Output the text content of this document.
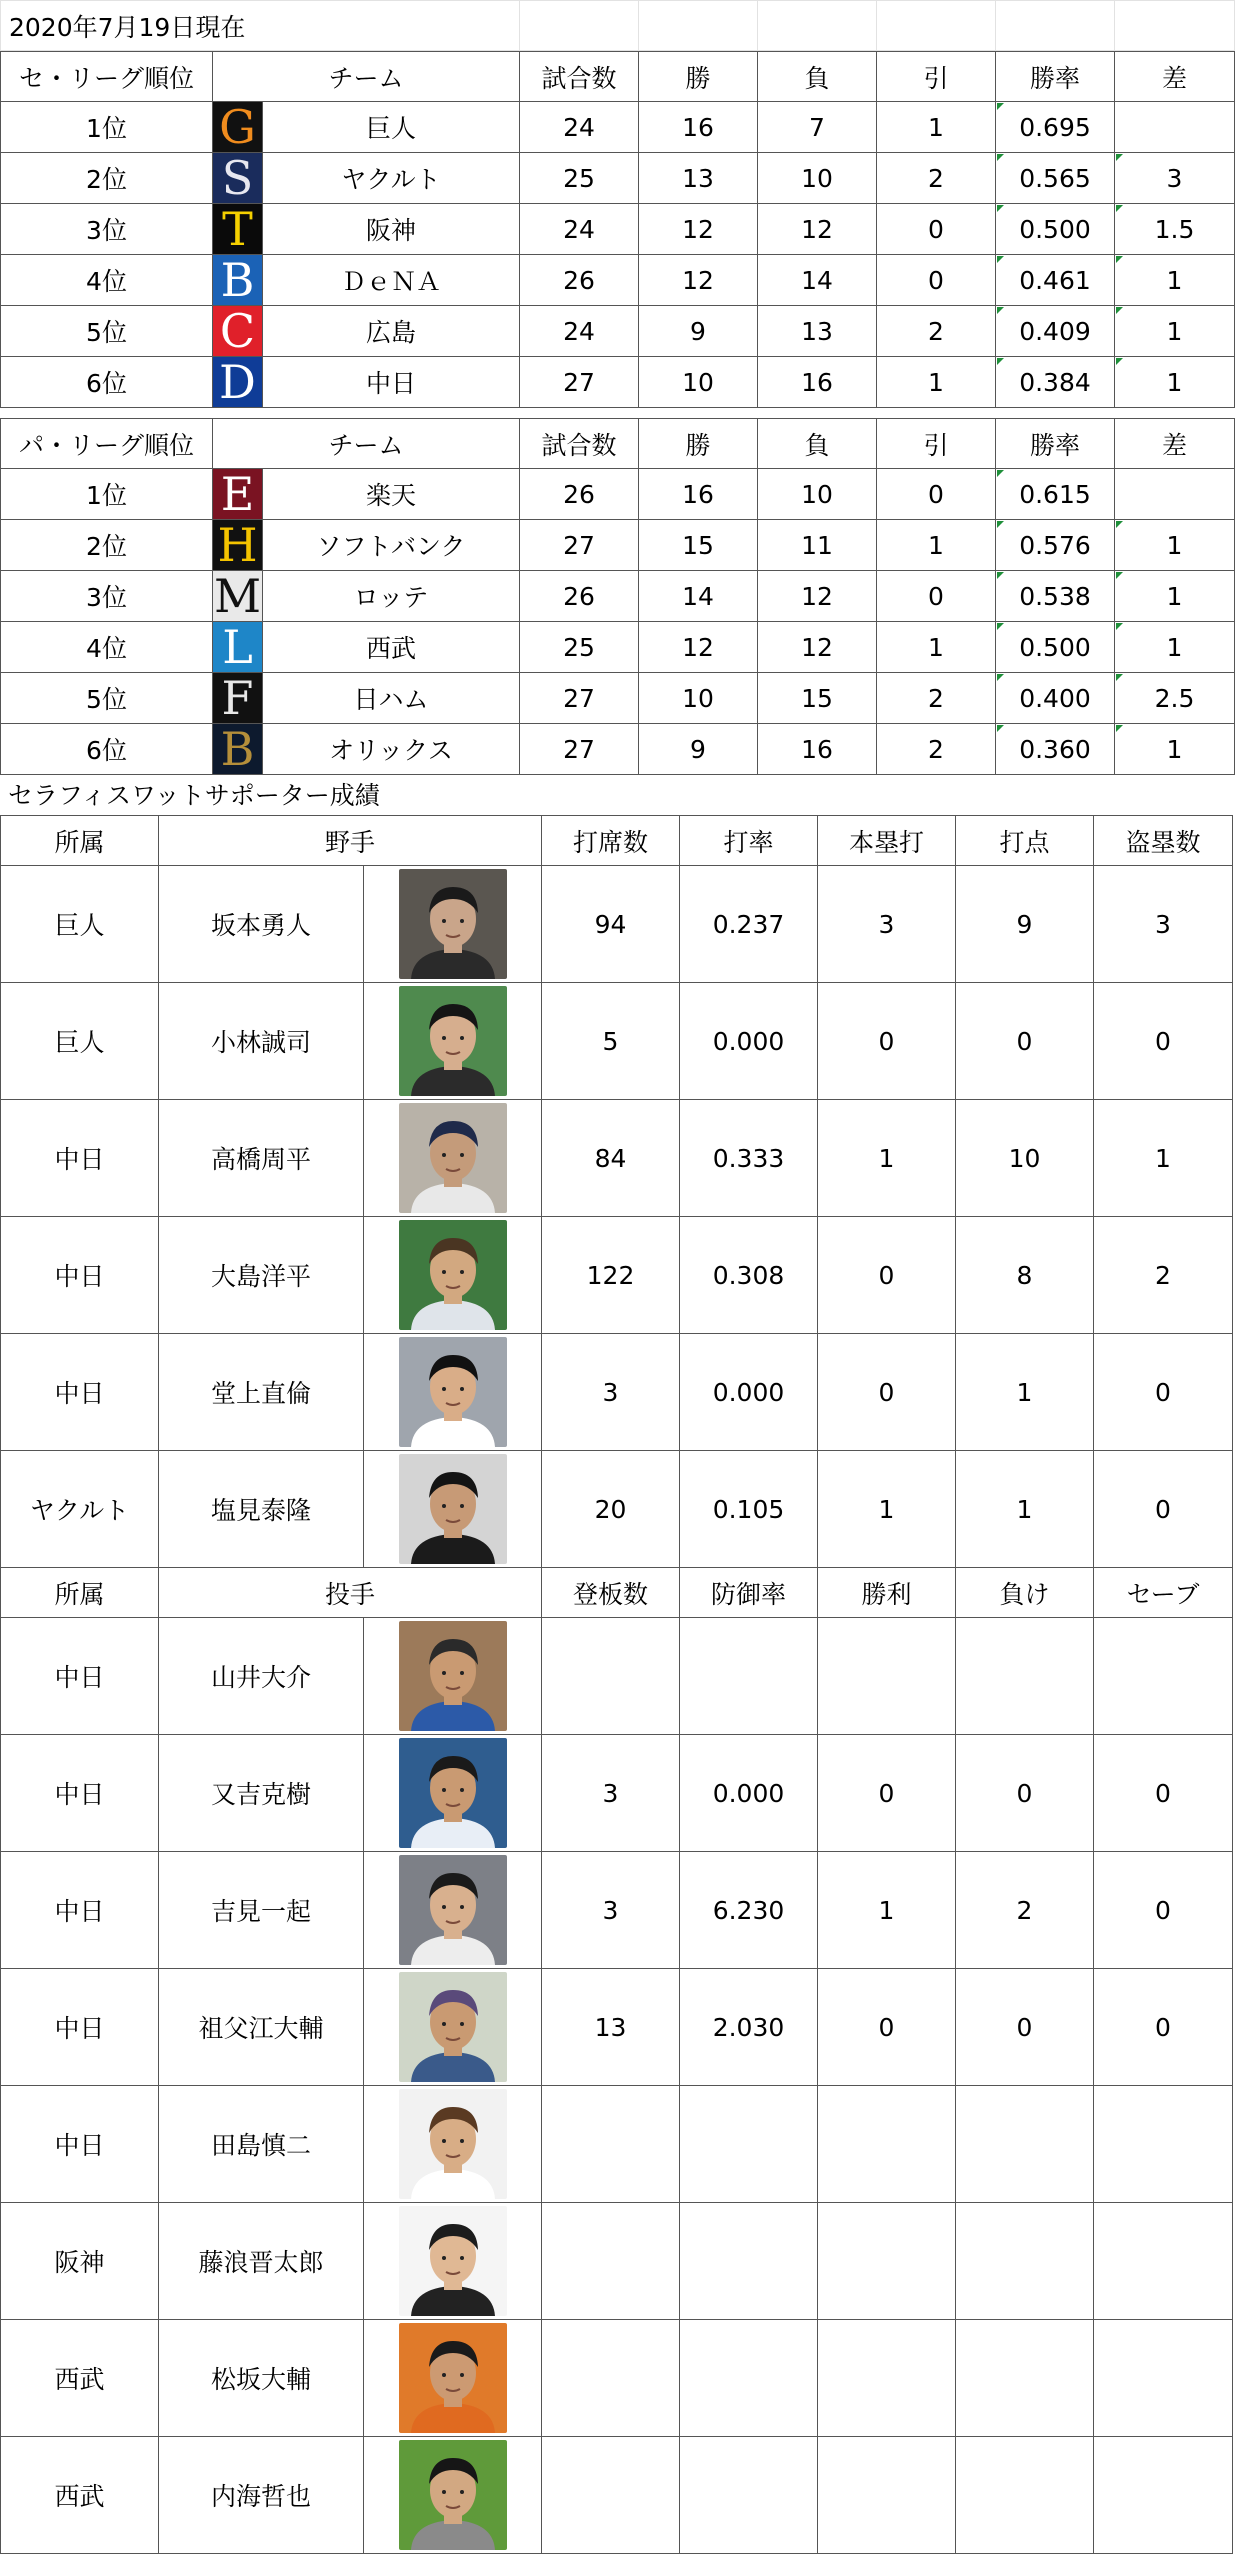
2020年7月19日現在						
セ・リーグ順位	チーム		試合数	勝	負	引	勝率	差
1位	G	巨人	24	16	7	1	0.695

2位	S	ヤクルト	25	13	10	2	0.565	3

3位	T	阪神	24	12	12	0	0.500	1.5

4位	B	ＤｅＮＡ	26	12	14	0	0.461	1

5位	C	広島	24	9	13	2	0.409	1

6位	D	中日	27	10	16	1	0.384	1
パ・リーグ順位	チーム		試合数	勝	負	引	勝率	差
1位	E	楽天	26	16	10	0	0.615

2位	H	ソフトバンク	27	15	11	1	0.576	1

3位	M	ロッテ	26	14	12	0	0.538	1

4位	L	西武	25	12	12	1	0.500	1

5位	F	日ハム	27	10	15	2	0.400	2.5

6位	B	オリックス	27	9	16	2	0.360	1
セラフィスワットサポーター成績
所属	野手		打席数	打率	本塁打	打点	盗塁数
巨人	坂本勇人		94	0.237	3	9	3
巨人	小林誠司		5	0.000	0	0	0
中日	高橋周平		84	0.333	1	10	1
中日	大島洋平		122	0.308	0	8	2
中日	堂上直倫		3	0.000	0	1	0
ヤクルト	塩見泰隆		20	0.105	1	1	0
所属	投手		登板数	防御率	勝利	負け	セーブ
中日	山井大介	

中日	又吉克樹		3	0.000	0	0	0
中日	吉見一起		3	6.230	1	2	0
中日	祖父江大輔		13	2.030	0	0	0
中日	田島慎二	

阪神	藤浪晋太郎	

西武	松坂大輔	

西武	内海哲也	
